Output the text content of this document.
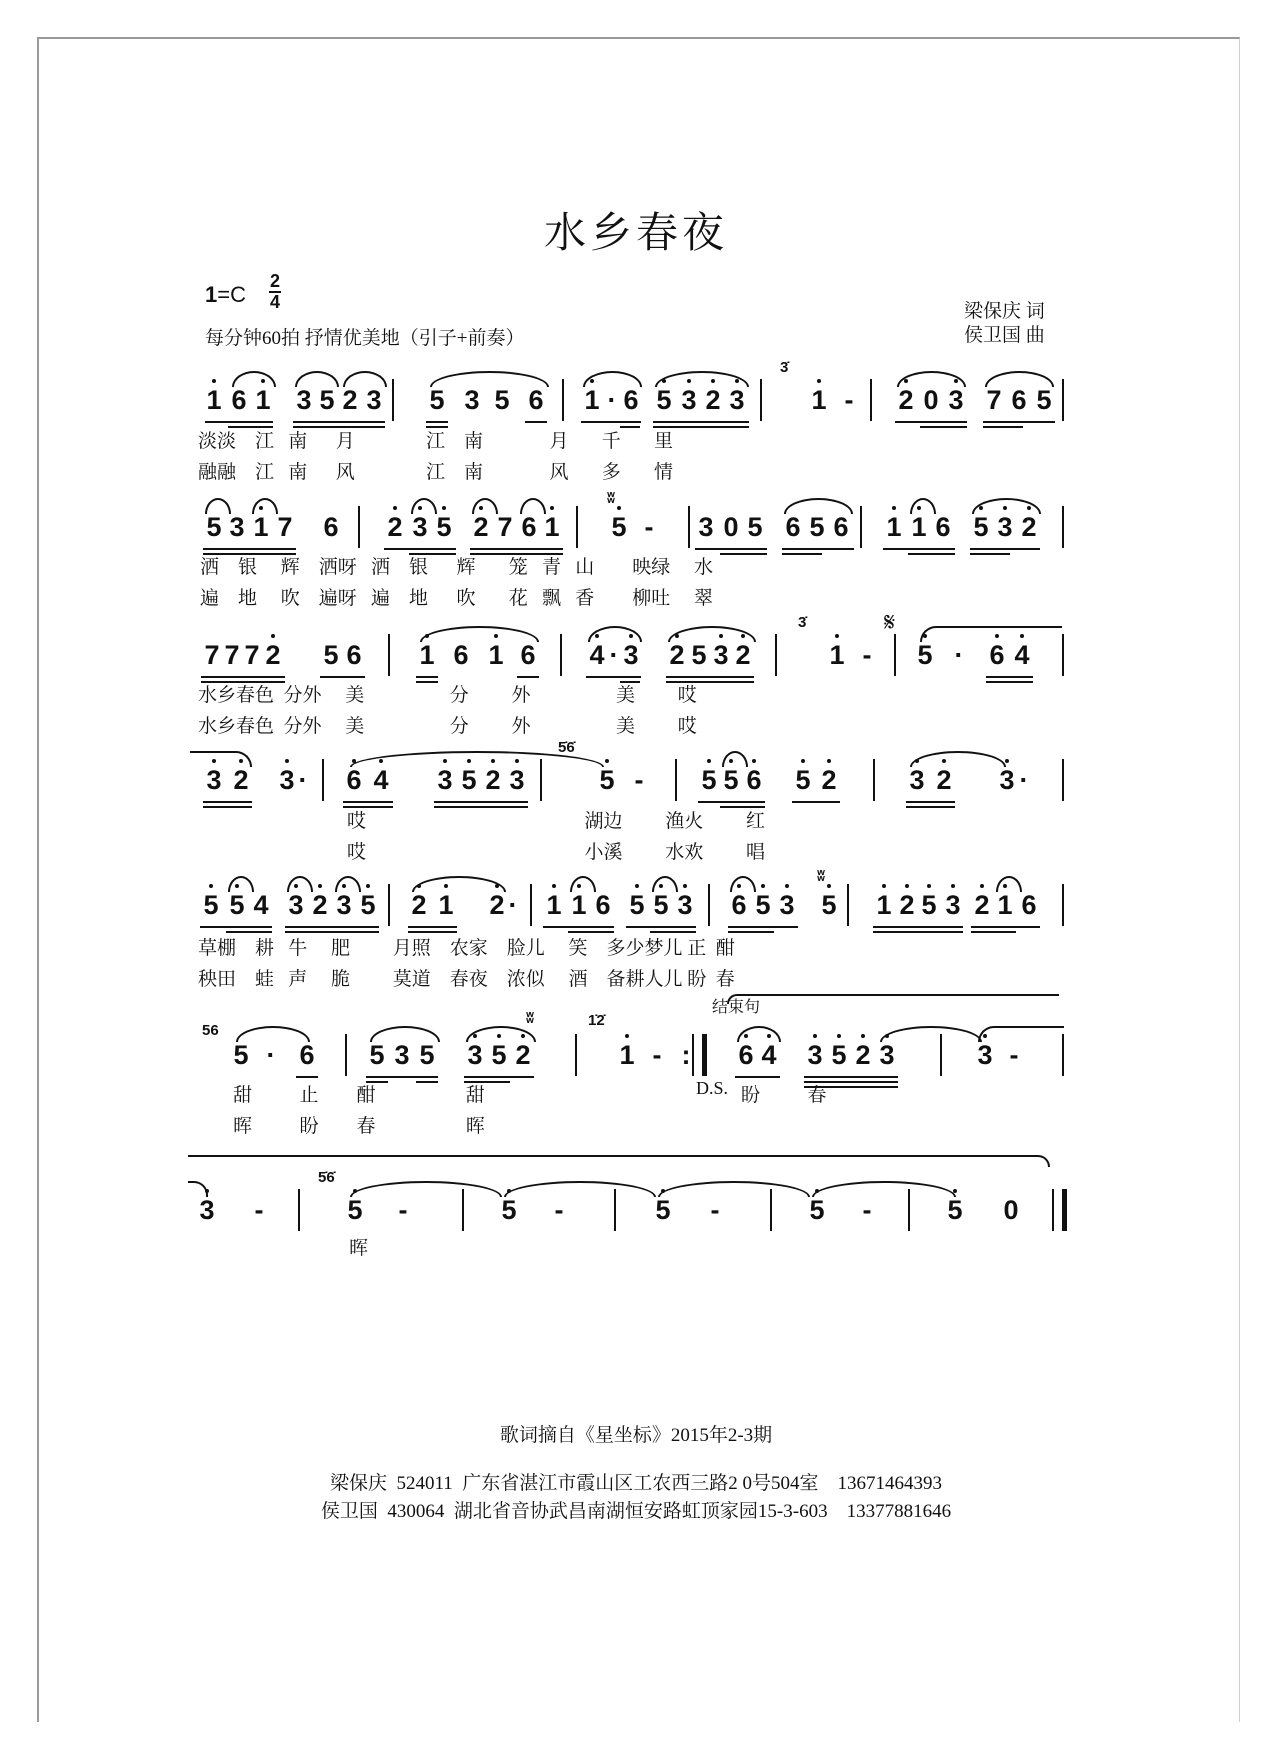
水乡春夜
1=C
2
4
每分钟60拍 抒情优美地（引子+前奏）
梁保庆 词
侯卫国 曲
1 6 1 3 5 2 3 5 3 5 6 1 · 6 5 3 2 3
3̇
1 - 2 0 3 7 6 5
淡淡    江   南      月               江    南              月       千       里
融融    江   南      风               江    南              风       多       情
5 3 1 7 6 2 3 5 2 7 6 1
ʬ
5 - 3 0 5 6 5 6 1 1 6 5 3 2
洒    银     辉    洒呀   洒    银      辉       笼   青   山        映绿     水
遍    地     吹    遍呀   遍    地      吹       花   飘   香        柳吐     翠
7 7 7 2 5 6 1 6 1 6 4 · 3 2 5 3 2
3̇
1 -
𝄋
5 · 6 4
水乡春色  分外     美                  分         外                  美         哎
水乡春色  分外     美                  分         外                  美         哎
3 2 3 · 6 4 3 5 2 3
5̇6̇
5 - 5 5 6 5 2	3 2 3 ·
哎                                              湖边         渔火         红
哎                                              小溪         水欢         唱
5 5 4 3 2 3 5 2 1 2 · 1 1 6 5 5 3 6 5 3
ʬ
5 1 2 5 3 2 1 6
草棚    耕   牛     肥         月照    农家    脸儿     笑    多少梦儿 正  酣
秧田    蛙   声     脆         莫道    春夜    浓似     酒    备耕人儿 盼  春
56
5 · 6 5 3 5 3 5 2
ʬ	1̇2̇
1 - :
结束句
6 4 3 5 2 3	3 -
甜          止        酣                   甜	D.S. 盼          春
晖          盼        春                   晖
3 -
5̇6̇
5 -	5 -	5 -	5 -	5 0
晖
歌词摘自《星坐标》2015年2-3期
梁保庆  524011  广东省湛江市霞山区工农西三路2 0号504室    13671464393
侯卫国  430064  湖北省音协武昌南湖恒安路虹顶家园15-3-603    13377881646
